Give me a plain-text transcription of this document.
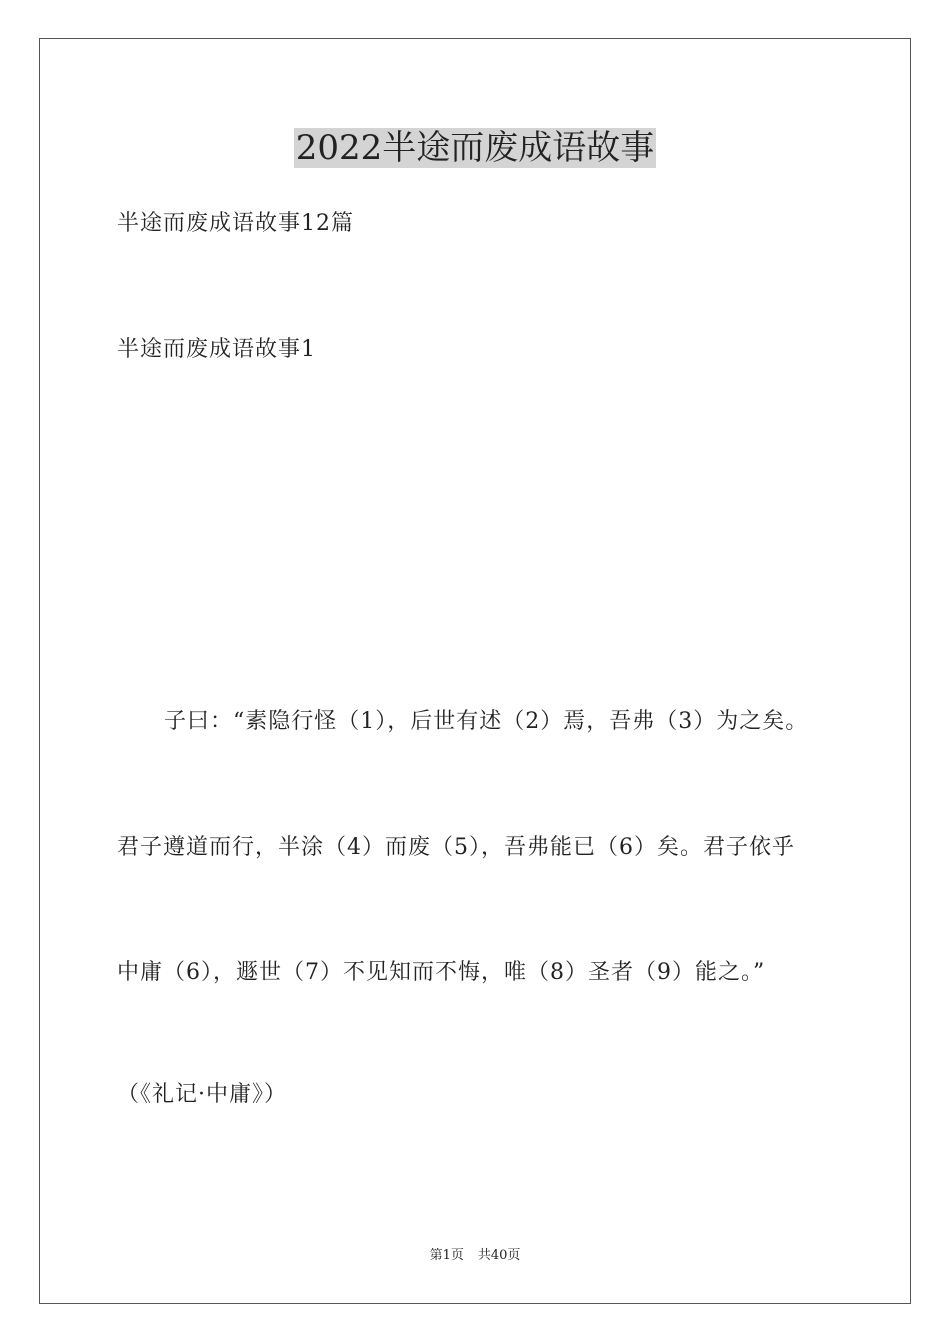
2022半途而废成语故事
半途而废成语故事12篇
半途而废成语故事1
子曰：“素隐行怪（1），后世有述（2）焉，吾弗（3）为之矣。
君子遵道而行，半涂（4）而废（5），吾弗能已（6）矣。君子依乎
中庸（6），遯世（7）不见知而不悔，唯（8）圣者（9）能之。”
（《礼记·中庸》）
第1页 共40页
